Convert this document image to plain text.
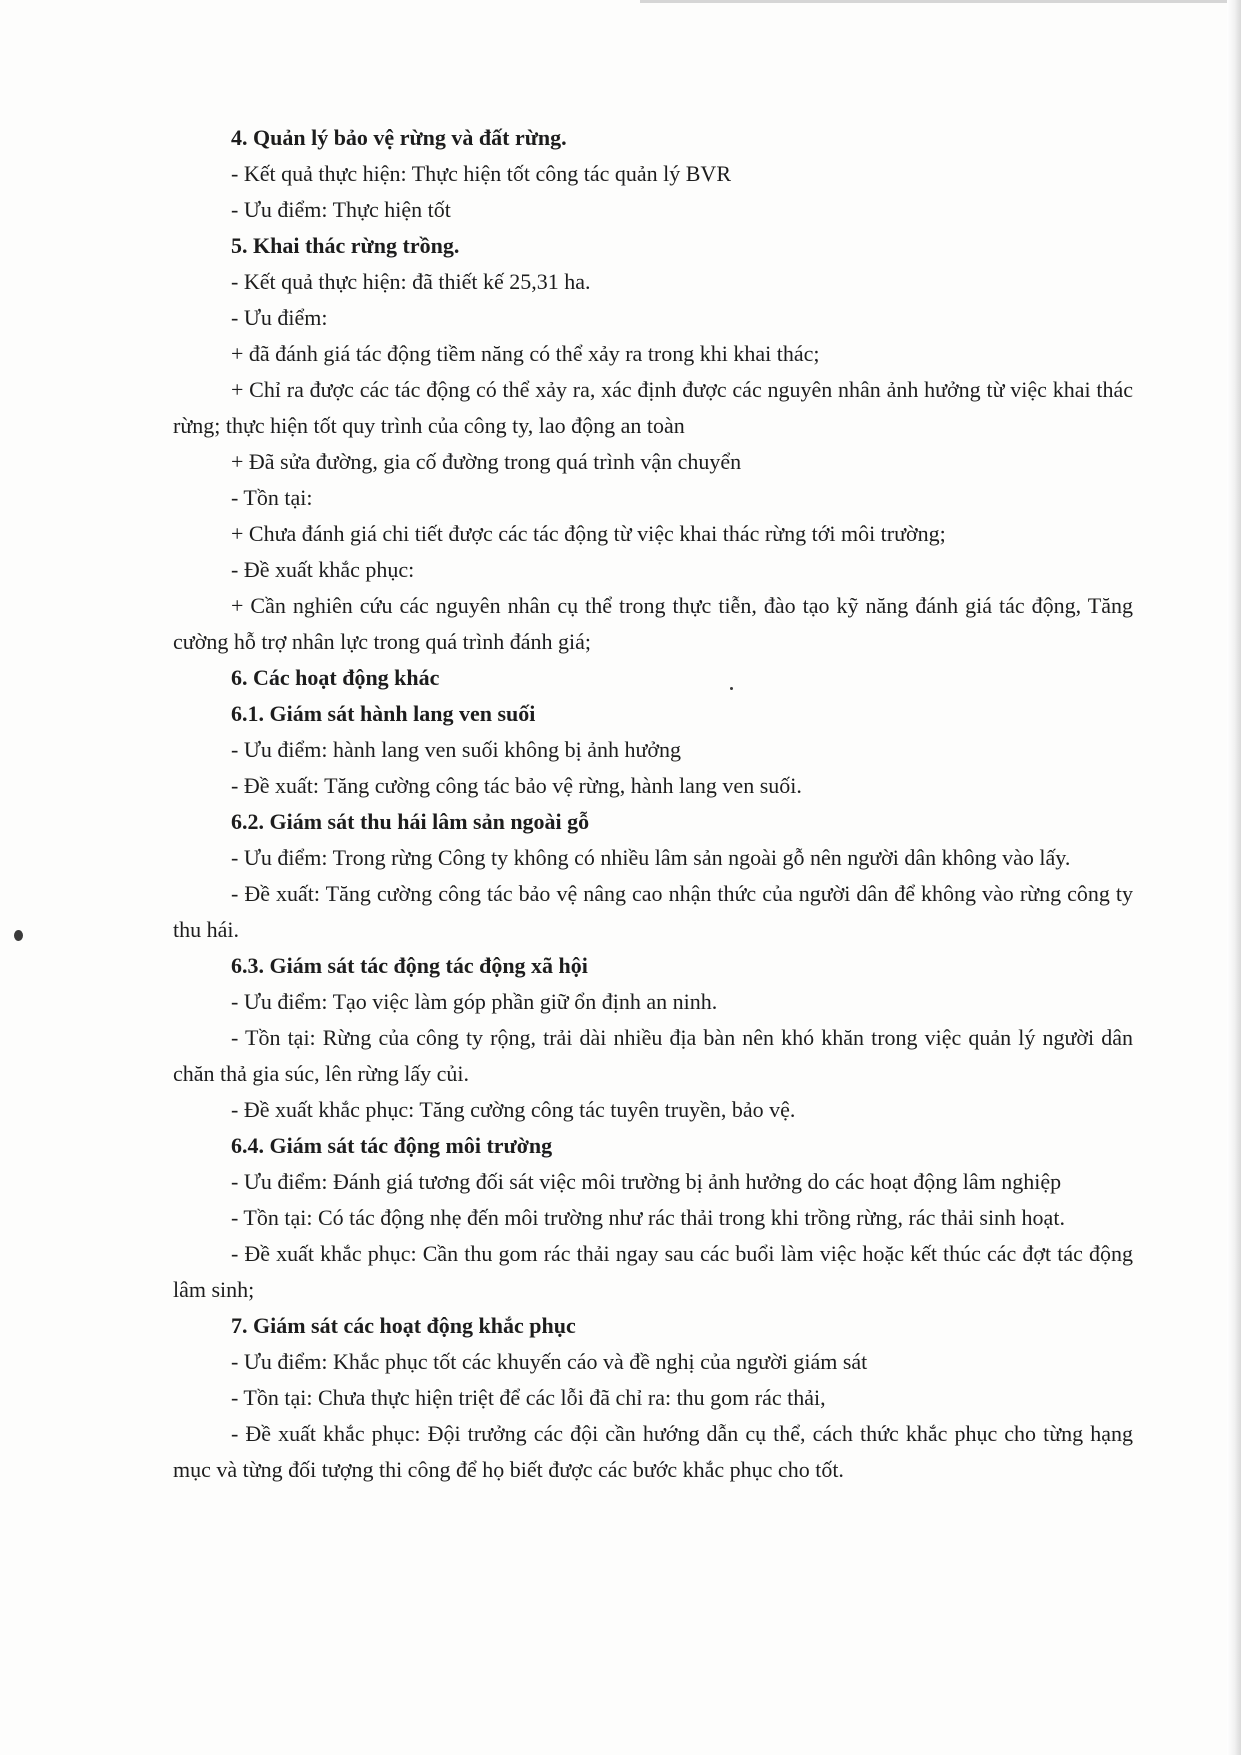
4. Quản lý bảo vệ rừng và đất rừng.

- Kết quả thực hiện: Thực hiện tốt công tác quản lý BVR

- Ưu điểm: Thực hiện tốt

5. Khai thác rừng trồng.

- Kết quả thực hiện: đã thiết kế 25,31 ha.

- Ưu điểm:

+ đã đánh giá tác động tiềm năng có thể xảy ra trong khi khai thác;

+ Chỉ ra được các tác động có thể xảy ra, xác định được các nguyên nhân ảnh hưởng từ việc khai thác rừng; thực hiện tốt quy trình của công ty, lao động an toàn

+ Đã sửa đường, gia cố đường trong quá trình vận chuyển

- Tồn tại:

+ Chưa đánh giá chi tiết được các tác động từ việc khai thác rừng tới môi trường;

- Đề xuất khắc phục:

+ Cần nghiên cứu các nguyên nhân cụ thể trong thực tiễn, đào tạo kỹ năng đánh giá tác động, Tăng cường hỗ trợ nhân lực trong quá trình đánh giá;

6. Các hoạt động khác

6.1. Giám sát hành lang ven suối

- Ưu điểm: hành lang ven suối không bị ảnh hưởng

- Đề xuất: Tăng cường công tác bảo vệ rừng, hành lang ven suối.

6.2. Giám sát thu hái lâm sản ngoài gỗ

- Ưu điểm: Trong rừng Công ty không có nhiều lâm sản ngoài gỗ nên người dân không vào lấy.

- Đề xuất: Tăng cường công tác bảo vệ nâng cao nhận thức của người dân để không vào rừng công ty thu hái.

6.3. Giám sát tác động tác động xã hội

- Ưu điểm: Tạo việc làm góp phần giữ ổn định an ninh.

- Tồn tại: Rừng của công ty rộng, trải dài nhiều địa bàn nên khó khăn trong việc quản lý người dân chăn thả gia súc, lên rừng lấy củi.

- Đề xuất khắc phục: Tăng cường công tác tuyên truyền, bảo vệ.

6.4. Giám sát tác động môi trường

- Ưu điểm: Đánh giá tương đối sát việc môi trường bị ảnh hưởng do các hoạt động lâm nghiệp

- Tồn tại: Có tác động nhẹ đến môi trường như rác thải trong khi trồng rừng, rác thải sinh hoạt.

- Đề xuất khắc phục: Cần thu gom rác thải ngay sau các buổi làm việc hoặc kết thúc các đợt tác động lâm sinh;

7. Giám sát các hoạt động khắc phục

- Ưu điểm: Khắc phục tốt các khuyến cáo và đề nghị của người giám sát

- Tồn tại: Chưa thực hiện triệt để các lỗi đã chỉ ra: thu gom rác thải,

- Đề xuất khắc phục: Đội trưởng các đội cần hướng dẫn cụ thể, cách thức khắc phục cho từng hạng mục và từng đối tượng thi công để họ biết được các bước khắc phục cho tốt.
